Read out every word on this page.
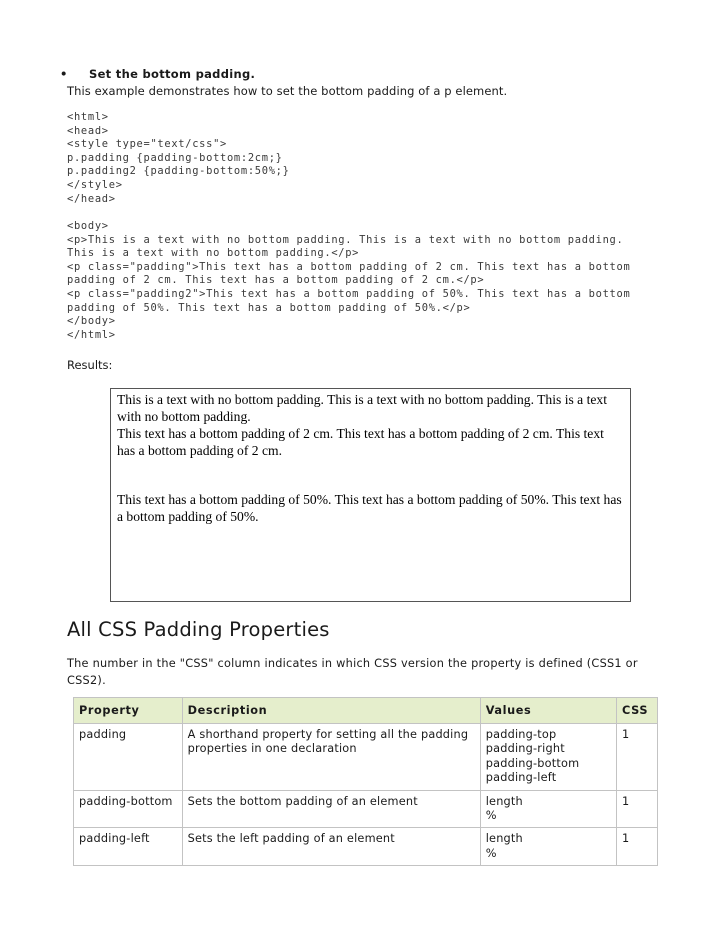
• Set the bottom padding.
This example demonstrates how to set the bottom padding of a p element.
<html>
<head>
<style type="text/css">
p.padding {padding-bottom:2cm;}
p.padding2 {padding-bottom:50%;}
</style>
</head>
<body>
<p>This is a text with no bottom padding. This is a text with no bottom padding.
This is a text with no bottom padding.</p>
<p class="padding">This text has a bottom padding of 2 cm. This text has a bottom
padding of 2 cm. This text has a bottom padding of 2 cm.</p>
<p class="padding2">This text has a bottom padding of 50%. This text has a bottom
padding of 50%. This text has a bottom padding of 50%.</p>
</body>
</html>
Results:

This is a text with no bottom padding. This is a text with no bottom padding. This is a text with no bottom padding.

This text has a bottom padding of 2 cm. This text has a bottom padding of 2 cm. This text has a bottom padding of 2 cm.

This text has a bottom padding of 50%. This text has a bottom padding of 50%. This text has a bottom padding of 50%.

All CSS Padding Properties
The number in the "CSS" column indicates in which CSS version the property is defined (CSS1 or CSS2).
Property	Description	Values	CSS
padding	A shorthand property for setting all the padding properties in one declaration	padding-top
padding-right
padding-bottom
padding-left	1
padding-bottom	Sets the bottom padding of an element	length
%	1
padding-left	Sets the left padding of an element	length
%	1
